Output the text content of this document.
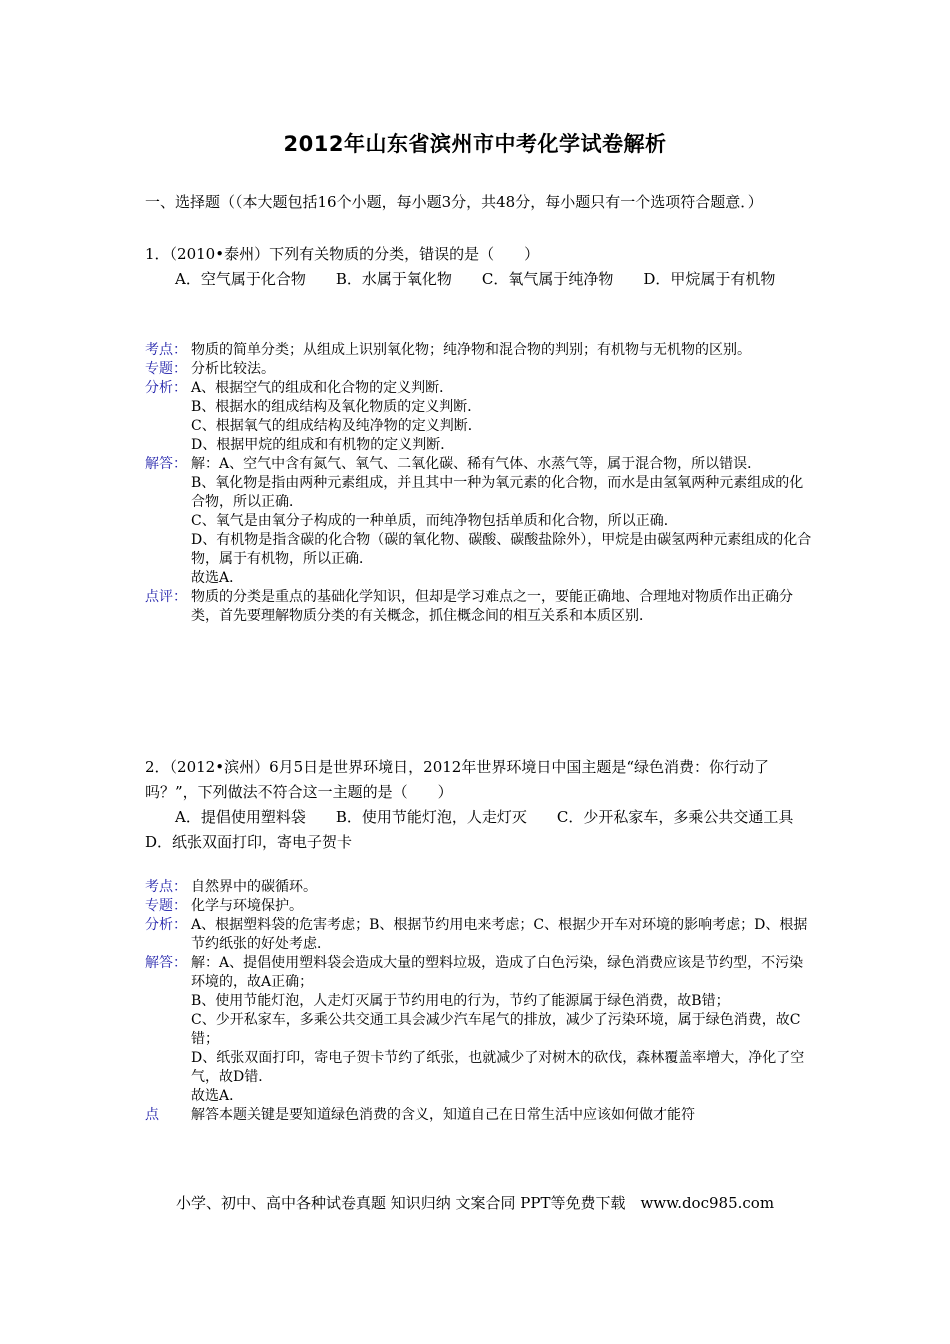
2012年山东省滨州市中考化学试卷解析

一、选择题（（本大题包括16个小题，每小题3分，共48分，每小题只有一个选项符合题意．）

1．（2010•泰州）下列有关物质的分类，错误的是（　　）

　　A．空气属于化合物　　B．水属于氧化物　　C．氧气属于纯净物　　D．甲烷属于有机物

考点： 物质的简单分类；从组成上识别氧化物；纯净物和混合物的判别；有机物与无机物的区别。
专题： 分析比较法。
分析： A、根据空气的组成和化合物的定义判断．
B、根据水的组成结构及氧化物质的定义判断．
C、根据氧气的组成结构及纯净物的定义判断．
D、根据甲烷的组成和有机物的定义判断．
解答： 解：A、空气中含有氮气、氧气、二氧化碳、稀有气体、水蒸气等，属于混合物，所以错误．
B、氧化物是指由两种元素组成，并且其中一种为氧元素的化合物，而水是由氢氧两种元素组成的化合物，所以正确．
C、氧气是由氧分子构成的一种单质，而纯净物包括单质和化合物，所以正确．
D、有机物是指含碳的化合物（碳的氧化物、碳酸、碳酸盐除外），甲烷是由碳氢两种元素组成的化合物，属于有机物，所以正确．
故选A．
点评： 物质的分类是重点的基础化学知识，但却是学习难点之一，要能正确地、合理地对物质作出正确分类，首先要理解物质分类的有关概念，抓住概念间的相互关系和本质区别．

2．（2012•滨州）6月5日是世界环境日，2012年世界环境日中国主题是“绿色消费：你行动了吗？”，下列做法不符合这一主题的是（　　）

　　A．提倡使用塑料袋　　B．使用节能灯泡，人走灯灭　　C．少开私家车，多乘公共交通工具　　D．纸张双面打印，寄电子贺卡

考点： 自然界中的碳循环。
专题： 化学与环境保护。
分析： A、根据塑料袋的危害考虑；B、根据节约用电来考虑；C、根据少开车对环境的影响考虑；D、根据节约纸张的好处考虑．
解答： 解：A、提倡使用塑料袋会造成大量的塑料垃圾，造成了白色污染，绿色消费应该是节约型，不污染环境的，故A正确；
B、使用节能灯泡，人走灯灭属于节约用电的行为，节约了能源属于绿色消费，故B错；
C、少开私家车，多乘公共交通工具会减少汽车尾气的排放，减少了污染环境，属于绿色消费，故C错；
D、纸张双面打印，寄电子贺卡节约了纸张，也就减少了对树木的砍伐，森林覆盖率增大，净化了空气，故D错．
故选A．
点	解答本题关键是要知道绿色消费的含义，知道自己在日常生活中应该如何做才能符
小学、初中、高中各种试卷真题 知识归纳 文案合同 PPT等免费下载　www.doc985.com
